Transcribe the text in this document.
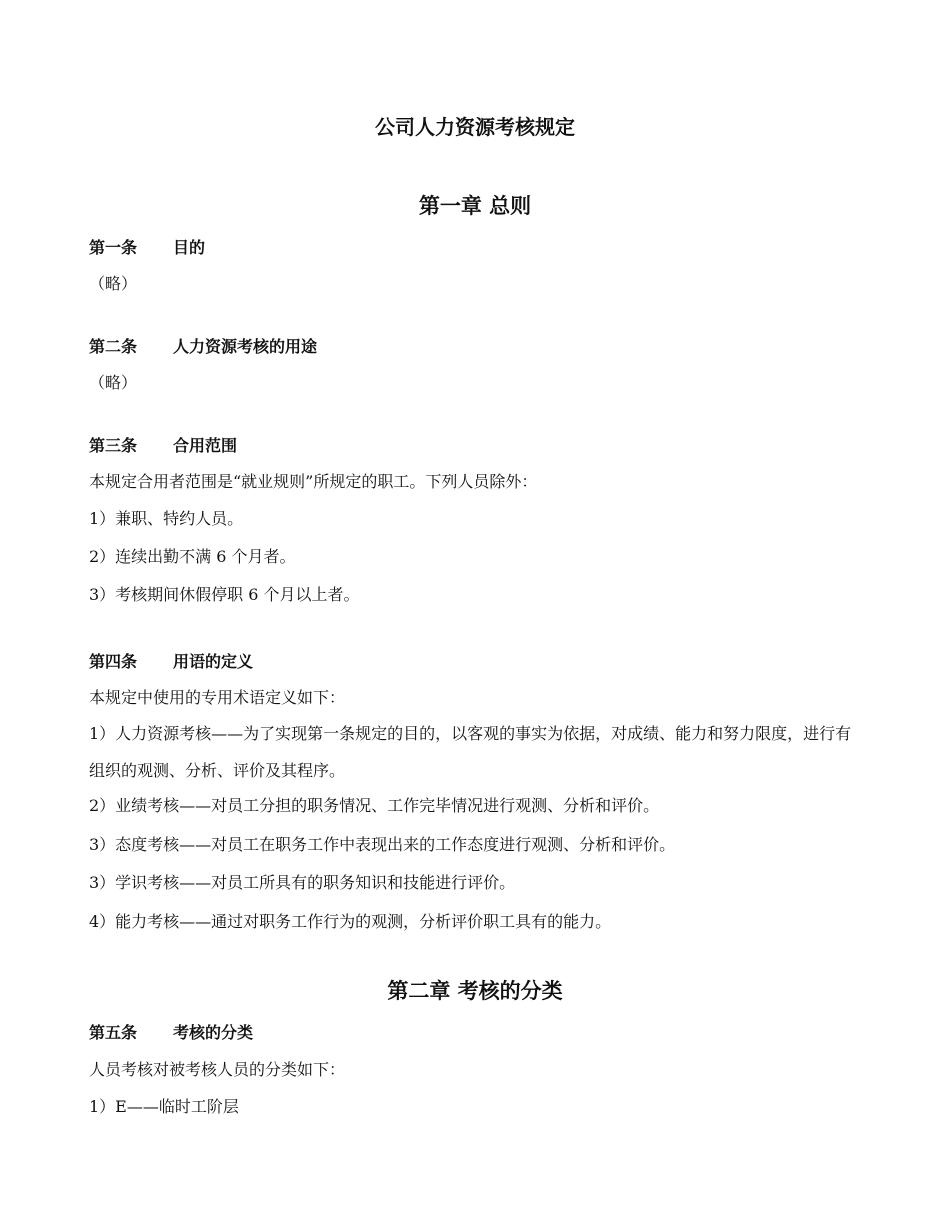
公司人力资源考核规定
第一章 总则
第一条 目的
（略）
第二条 人力资源考核的用途
（略）
第三条 合用范围
本规定合用者范围是“就业规则”所规定的职工。下列人员除外：
1）兼职、特约人员。
2）连续出勤不满 6 个月者。
3）考核期间休假停职 6 个月以上者。
第四条 用语的定义
本规定中使用的专用术语定义如下：
1）人力资源考核——为了实现第一条规定的目的，以客观的事实为依据，对成绩、能力和努力限度，进行有组织的观测、分析、评价及其程序。
2）业绩考核——对员工分担的职务情况、工作完毕情况进行观测、分析和评价。
3）态度考核——对员工在职务工作中表现出来的工作态度进行观测、分析和评价。
3）学识考核——对员工所具有的职务知识和技能进行评价。
4）能力考核——通过对职务工作行为的观测，分析评价职工具有的能力。
第二章 考核的分类
第五条 考核的分类
人员考核对被考核人员的分类如下：
1）E——临时工阶层
